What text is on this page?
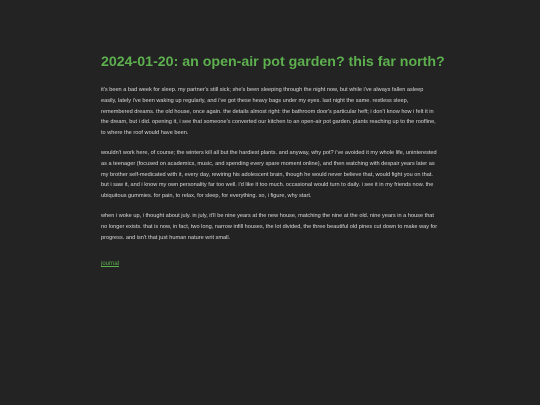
2024-01-20: an open-air pot garden? this far north?

it's been a bad week for sleep. my partner's still sick; she's been sleeping through the night now, but while i've always fallen asleep easily, lately i've been waking up regularly, and i've got these heavy bags under my eyes. last night the same. restless sleep, remembered dreams. the old house, once again. the details almost right: the bathroom door's particular heft; i don't know how i felt it in the dream, but i did. opening it, i see that someone's converted our kitchen to an open-air pot garden. plants reaching up to the roofline, to where the roof would have been.

wouldn't work here, of course; the winters kill all but the hardiest plants. and anyway, why pot? i've avoided it my whole life, uninterested as a teenager (focused on academics, music, and spending every spare moment online), and then watching with despair years later as my brother self-medicated with it, every day, rewiring his adolescent brain, though he would never believe that, would fight you on that. but i saw it, and i know my own personality far too well. i'd like it too much. occasional would turn to daily. i see it in my friends now. the ubiquitous gummies. for pain, to relax, for sleep, for everything. so, i figure, why start.

when i woke up, i thought about july. in july, it'll be nine years at the new house, matching the nine at the old. nine years in a house that no longer exists. that is now, in fact, two long, narrow infill houses, the lot divided, the three beautiful old pines cut down to make way for progress. and isn't that just human nature writ small.

journal
